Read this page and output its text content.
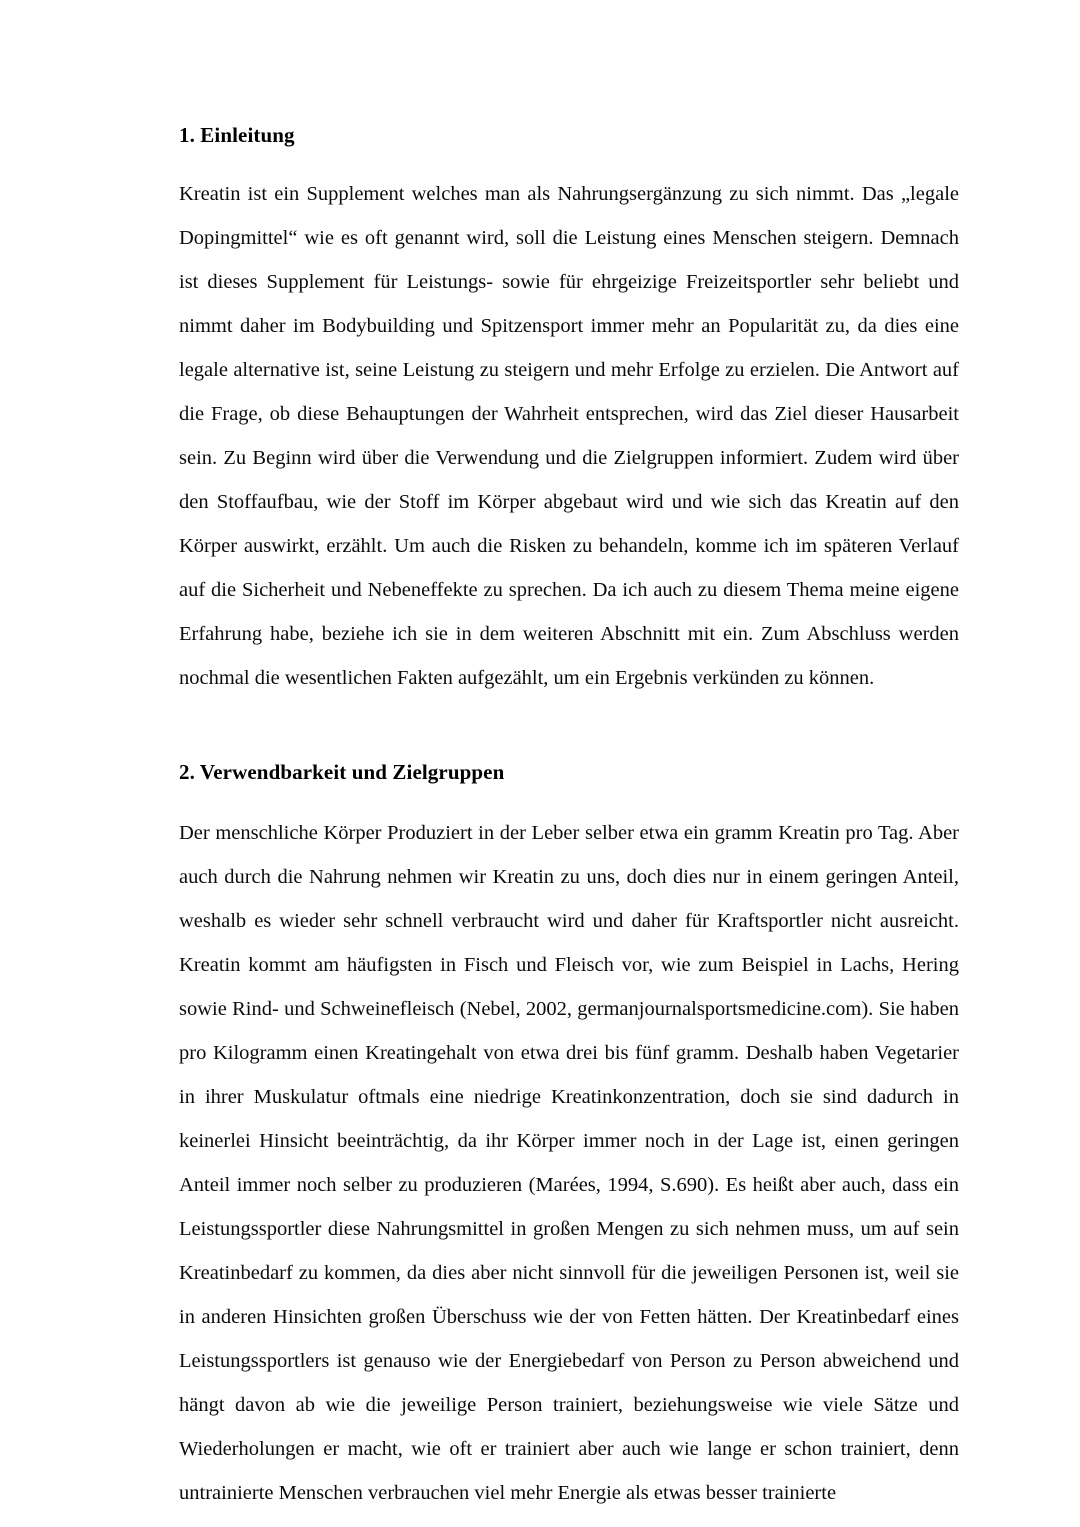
1. Einleitung

Kreatin ist ein Supplement welches man als Nahrungsergänzung zu sich nimmt. Das „legale Dopingmittel“ wie es oft genannt wird, soll die Leistung eines Menschen steigern. Demnach ist dieses Supplement für Leistungs- sowie für ehrgeizige Freizeitsportler sehr beliebt und nimmt daher im Bodybuilding und Spitzensport immer mehr an Popularität zu, da dies eine legale alternative ist, seine Leistung zu steigern und mehr Erfolge zu erzielen. Die Antwort auf die Frage, ob diese Behauptungen der Wahrheit entsprechen, wird das Ziel dieser Hausarbeit sein. Zu Beginn wird über die Verwendung und die Zielgruppen informiert. Zudem wird über den Stoffaufbau, wie der Stoff im Körper abgebaut wird und wie sich das Kreatin auf den Körper auswirkt, erzählt. Um auch die Risken zu behandeln, komme ich im späteren Verlauf auf die Sicherheit und Nebeneffekte zu sprechen. Da ich auch zu diesem Thema meine eigene Erfahrung habe, beziehe ich sie in dem weiteren Abschnitt mit ein. Zum Abschluss werden nochmal die wesentlichen Fakten aufgezählt, um ein Ergebnis verkünden zu können.

2. Verwendbarkeit und Zielgruppen

Der menschliche Körper Produziert in der Leber selber etwa ein gramm Kreatin pro Tag. Aber auch durch die Nahrung nehmen wir Kreatin zu uns, doch dies nur in einem geringen Anteil, weshalb es wieder sehr schnell verbraucht wird und daher für Kraftsportler nicht ausreicht. Kreatin kommt am häufigsten in Fisch und Fleisch vor, wie zum Beispiel in Lachs, Hering sowie Rind- und Schweinefleisch (Nebel, 2002, germanjournalsportsmedicine.com). Sie haben pro Kilogramm einen Kreatingehalt von etwa drei bis fünf gramm. Deshalb haben Vegetarier in ihrer Muskulatur oftmals eine niedrige Kreatinkonzentration, doch sie sind dadurch in keinerlei Hinsicht beeinträchtig, da ihr Körper immer noch in der Lage ist, einen geringen Anteil immer noch selber zu produzieren (Marées, 1994, S.690). Es heißt aber auch, dass ein Leistungssportler diese Nahrungsmittel in großen Mengen zu sich nehmen muss, um auf sein Kreatinbedarf zu kommen, da dies aber nicht sinnvoll für die jeweiligen Personen ist, weil sie in anderen Hinsichten großen Überschuss wie der von Fetten hätten. Der Kreatinbedarf eines Leistungssportlers ist genauso wie der Energiebedarf von Person zu Person abweichend und hängt davon ab wie die jeweilige Person trainiert, beziehungsweise wie viele Sätze und Wiederholungen er macht, wie oft er trainiert aber auch wie lange er schon trainiert, denn untrainierte Menschen verbrauchen viel mehr Energie als etwas besser trainierte
